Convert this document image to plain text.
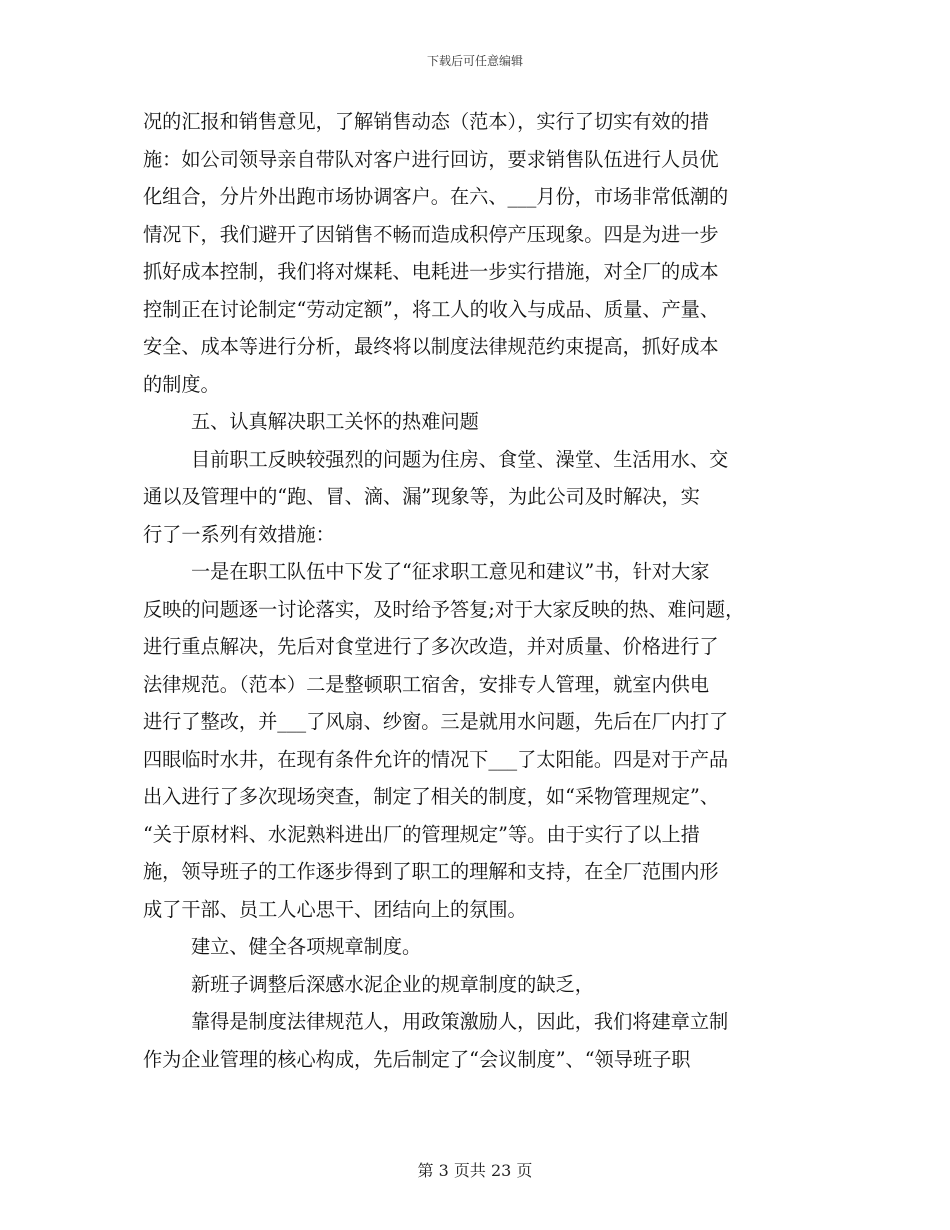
下载后可任意编辑

况的汇报和销售意见，了解销售动态（范本），实行了切实有效的措

施：如公司领导亲自带队对客户进行回访，要求销售队伍进行人员优

化组合，分片外出跑市场协调客户。在六、___月份，市场非常低潮的

情况下，我们避开了因销售不畅而造成积停产压现象。四是为进一步

抓好成本控制，我们将对煤耗、电耗进一步实行措施，对全厂的成本

控制正在讨论制定“劳动定额”，将工人的收入与成品、质量、产量、

安全、成本等进行分析，最终将以制度法律规范约束提高，抓好成本

的制度。

五、认真解决职工关怀的热难问题

目前职工反映较强烈的问题为住房、食堂、澡堂、生活用水、交

通以及管理中的“跑、冒、滴、漏”现象等，为此公司及时解决，实

行了一系列有效措施：

一是在职工队伍中下发了“征求职工意见和建议”书，针对大家

反映的问题逐一讨论落实，及时给予答复;对于大家反映的热、难问题，

进行重点解决，先后对食堂进行了多次改造，并对质量、价格进行了

法律规范。（范本）二是整顿职工宿舍，安排专人管理，就室内供电

进行了整改，并___了风扇、纱窗。三是就用水问题，先后在厂内打了

四眼临时水井，在现有条件允许的情况下___了太阳能。四是对于产品

出入进行了多次现场突查，制定了相关的制度，如“采物管理规定”、

“关于原材料、水泥熟料进出厂的管理规定”等。由于实行了以上措

施，领导班子的工作逐步得到了职工的理解和支持，在全厂范围内形

成了干部、员工人心思干、团结向上的氛围。

建立、健全各项规章制度。

新班子调整后深感水泥企业的规章制度的缺乏，

靠得是制度法律规范人，用政策激励人，因此，我们将建章立制

作为企业管理的核心构成，先后制定了“会议制度”、“领导班子职

第 3 页共 23 页
